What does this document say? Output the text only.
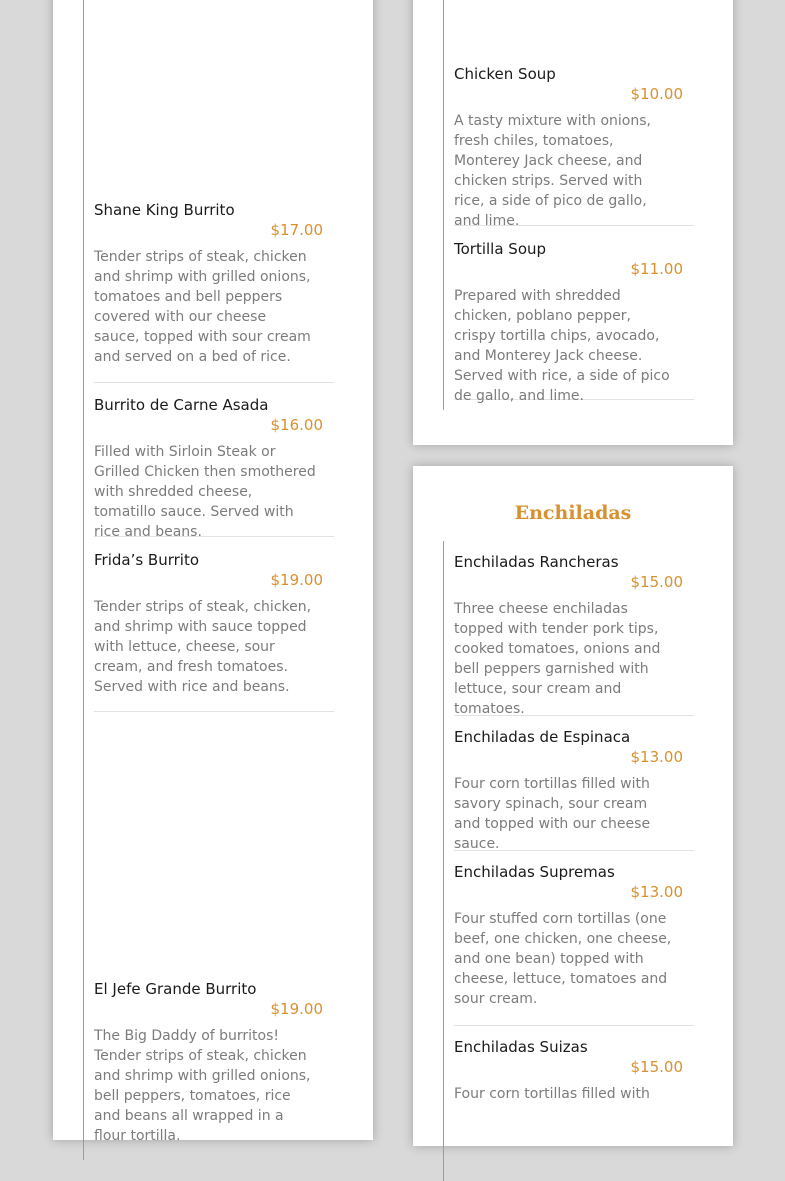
Shane King Burrito
$17.00

Tender strips of steak, chicken and shrimp with grilled onions, tomatoes and bell peppers covered with our cheese sauce, topped with sour cream and served on a bed of rice.

Burrito de Carne Asada
$16.00

Filled with Sirloin Steak or Grilled Chicken then smothered with shredded cheese, tomatillo sauce. Served with rice and beans.

Frida’s Burrito
$19.00

Tender strips of steak, chicken, and shrimp with sauce topped with lettuce, cheese, sour cream, and fresh tomatoes. Served with rice and beans.

El Jefe Grande Burrito
$19.00

The Big Daddy of burritos! Tender strips of steak, chicken and shrimp with grilled onions, bell peppers, tomatoes, rice and beans all wrapped in a flour tortilla.

Chicken Soup
$10.00

A tasty mixture with onions, fresh chiles, tomatoes, Monterey Jack cheese, and chicken strips. Served with rice, a side of pico de gallo, and lime.

Tortilla Soup
$11.00

Prepared with shredded chicken, poblano pepper, crispy tortilla chips, avocado, and Monterey Jack cheese. Served with rice, a side of pico de gallo, and lime.

Enchiladas
Enchiladas Rancheras
$15.00

Three cheese enchiladas topped with tender pork tips, cooked tomatoes, onions and bell peppers garnished with lettuce, sour cream and tomatoes.

Enchiladas de Espinaca
$13.00

Four corn tortillas filled with savory spinach, sour cream and topped with our cheese sauce.

Enchiladas Supremas
$13.00

Four stuffed corn tortillas (one beef, one chicken, one cheese, and one bean) topped with cheese, lettuce, tomatoes and sour cream.

Enchiladas Suizas
$15.00

Four corn tortillas filled with
